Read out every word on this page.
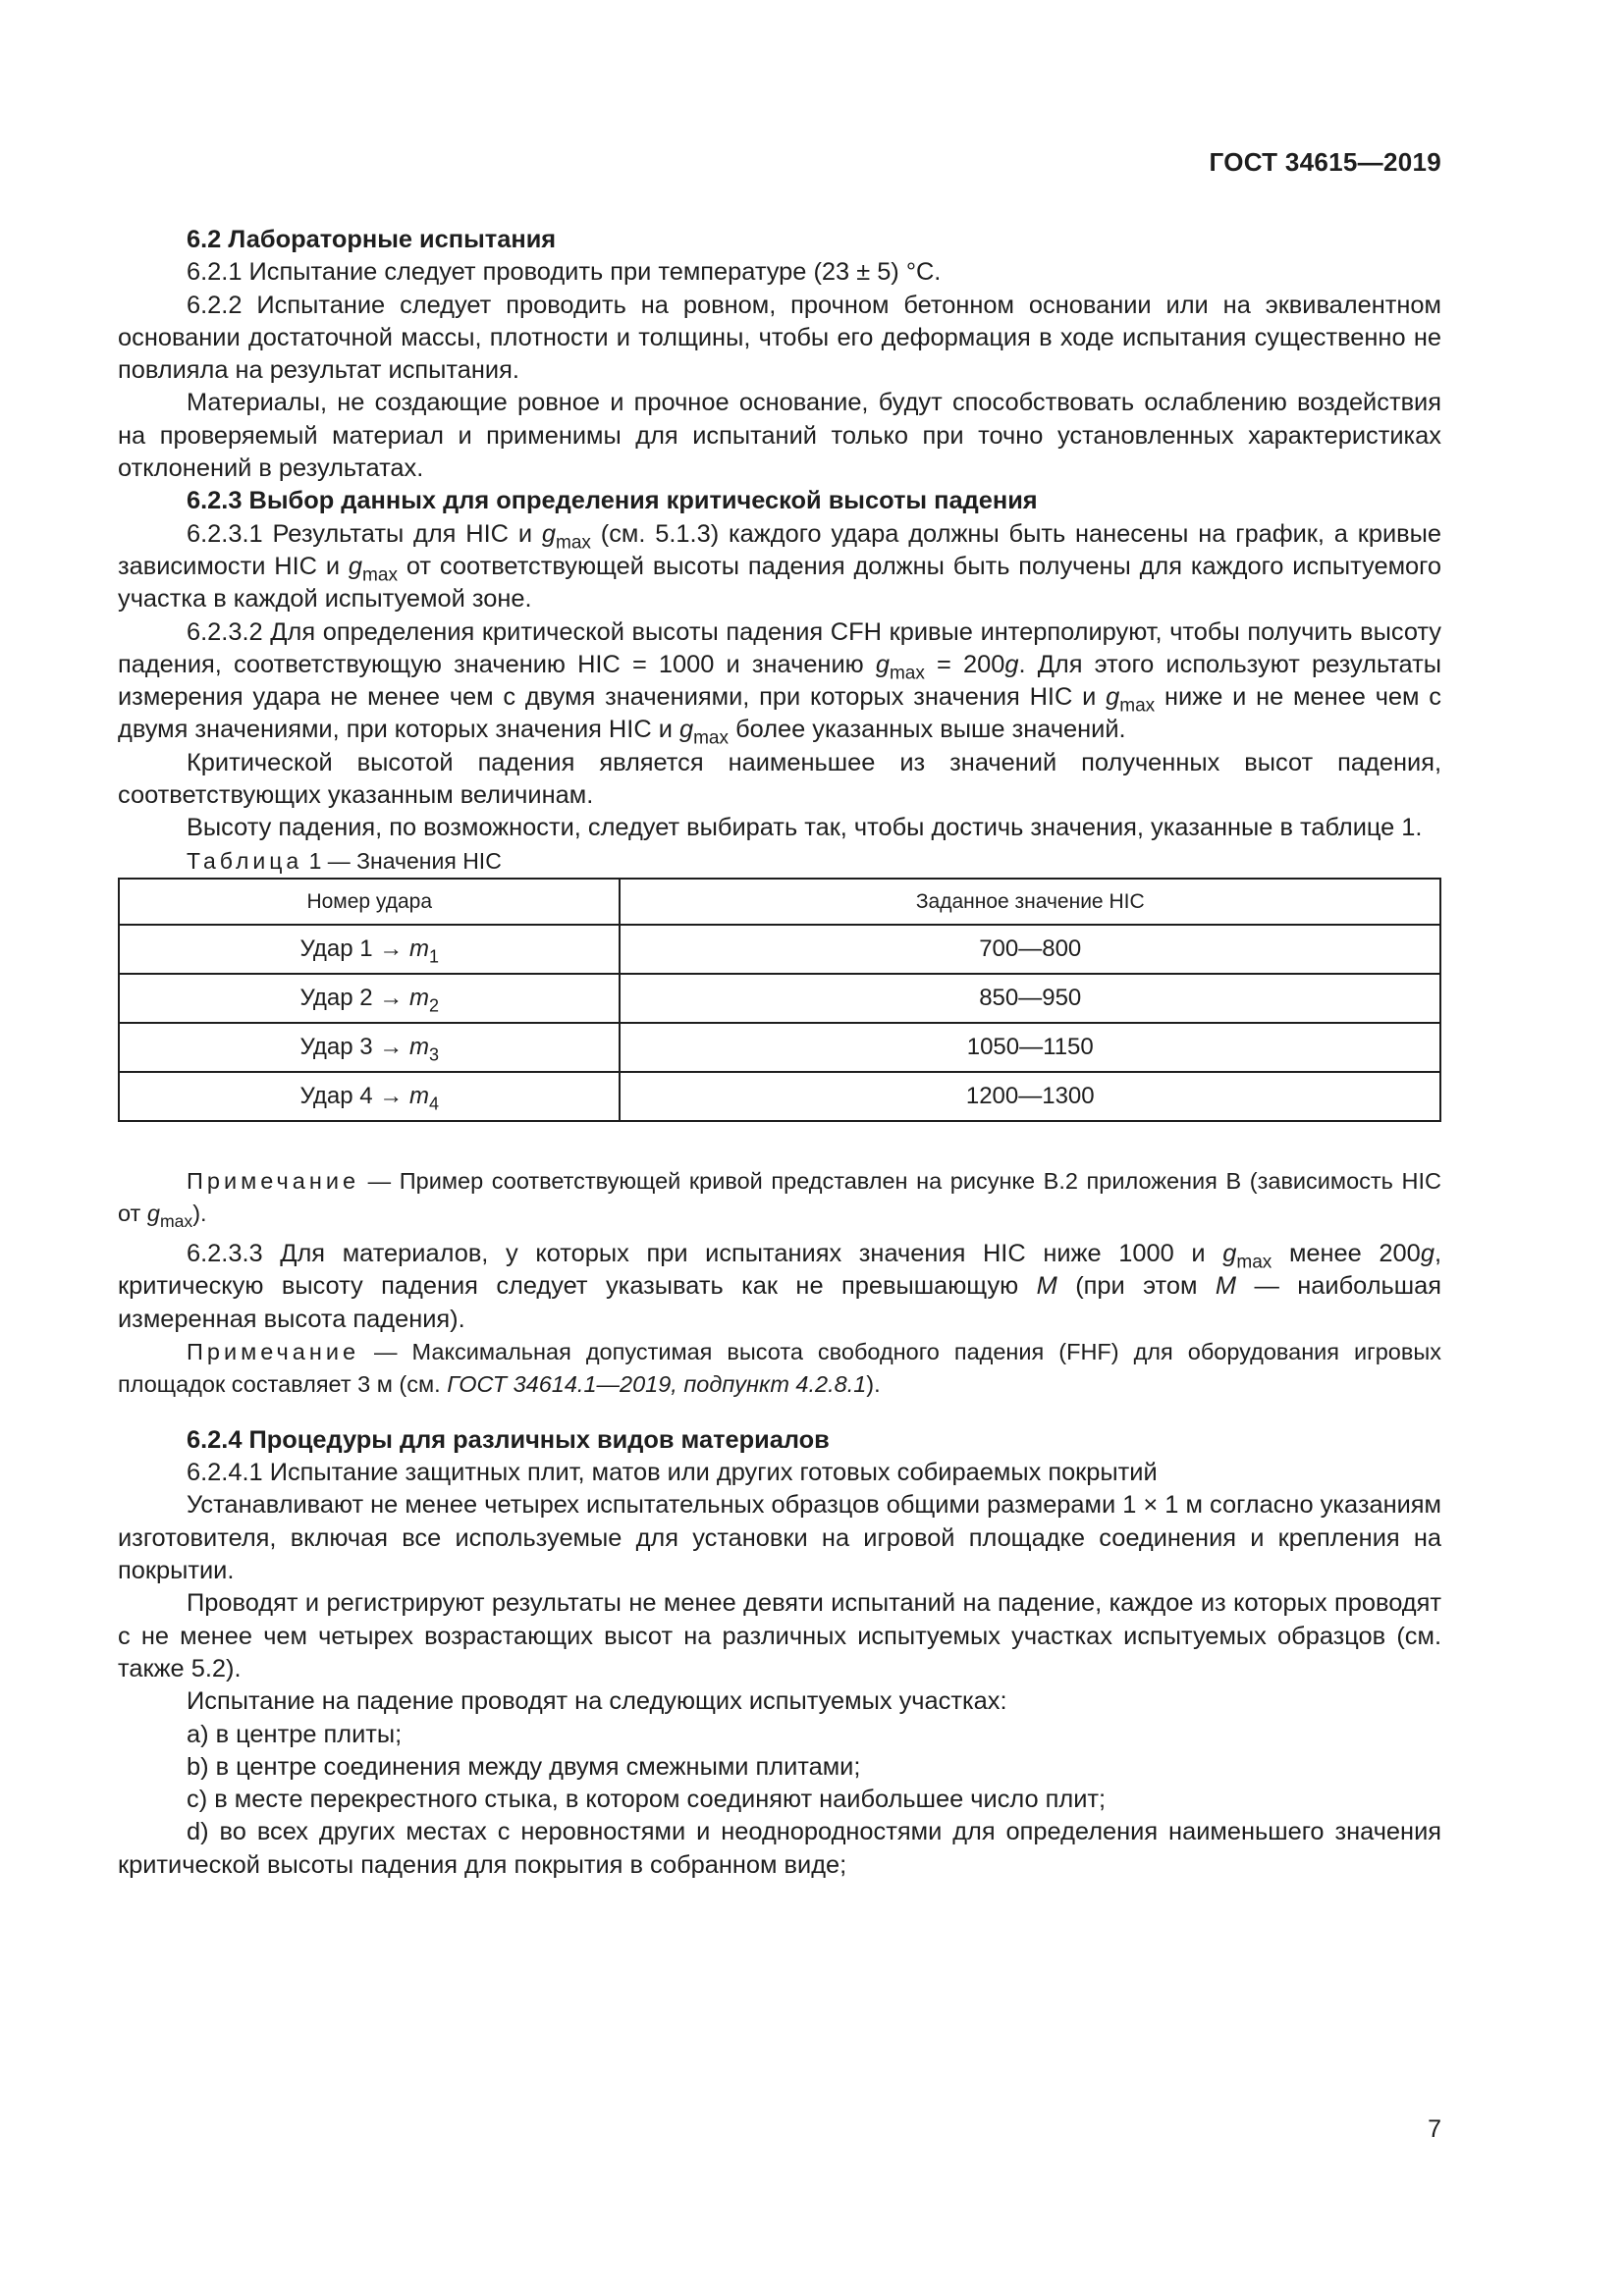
ГОСТ 34615—2019

6.2 Лабораторные испытания

6.2.1 Испытание следует проводить при температуре (23 ± 5) °С.

6.2.2 Испытание следует проводить на ровном, прочном бетонном основании или на эквивалентном основании достаточной массы, плотности и толщины, чтобы его деформация в ходе испытания существенно не повлияла на результат испытания.

Материалы, не создающие ровное и прочное основание, будут способствовать ослаблению воздействия на проверяемый материал и применимы для испытаний только при точно установленных характеристиках отклонений в результатах.

6.2.3 Выбор данных для определения критической высоты падения

6.2.3.1 Результаты для HIC и $g_{max}$ (см. 5.1.3) каждого удара должны быть нанесены на график, а кривые зависимости HIC и $g_{max}$ от соответствующей высоты падения должны быть получены для каждого испытуемого участка в каждой испытуемой зоне.

6.2.3.2 Для определения критической высоты падения CFH кривые интерполируют, чтобы получить высоту падения, соответствующую значению HIC = 1000 и значению $g_{max} = 200g$. Для этого используют результаты измерения удара не менее чем с двумя значениями, при которых значения HIC и $g_{max}$ ниже и не менее чем с двумя значениями, при которых значения HIC и $g_{max}$ более указанных выше значений.

Критической высотой падения является наименьшее из значений полученных высот падения, соответствующих указанным величинам.

Высоту падения, по возможности, следует выбирать так, чтобы достичь значения, указанные в таблице 1.

Таблица 1 — Значения HIC

Номер удара	Заданное значение HIC
Удар $1 \to m_1$	700—800
Удар $2 \to m_2$	850—950
Удар $3 \to m_3$	1050—1150
Удар $4 \to m_4$	1200—1300

Примечание — Пример соответствующей кривой представлен на рисунке В.2 приложения В (зависимость HIC от $g_{max}$).

6.2.3.3 Для материалов, у которых при испытаниях значения HIC ниже 1000 и $g_{max}$ менее 200g, критическую высоту падения следует указывать как не превышающую M (при этом M — наибольшая измеренная высота падения).

Примечание — Максимальная допустимая высота свободного падения (FHF) для оборудования игровых площадок составляет 3 м (см. ГОСТ 34614.1—2019, подпункт 4.2.8.1).

6.2.4 Процедуры для различных видов материалов

6.2.4.1 Испытание защитных плит, матов или других готовых собираемых покрытий

Устанавливают не менее четырех испытательных образцов общими размерами 1 × 1 м согласно указаниям изготовителя, включая все используемые для установки на игровой площадке соединения и крепления на покрытии.

Проводят и регистрируют результаты не менее девяти испытаний на падение, каждое из которых проводят с не менее чем четырех возрастающих высот на различных испытуемых участках испытуемых образцов (см. также 5.2).

Испытание на падение проводят на следующих испытуемых участках:

а) в центре плиты;

b) в центре соединения между двумя смежными плитами;

с) в месте перекрестного стыка, в котором соединяют наибольшее число плит;

d) во всех других местах с неровностями и неоднородностями для определения наименьшего значения критической высоты падения для покрытия в собранном виде;

7
